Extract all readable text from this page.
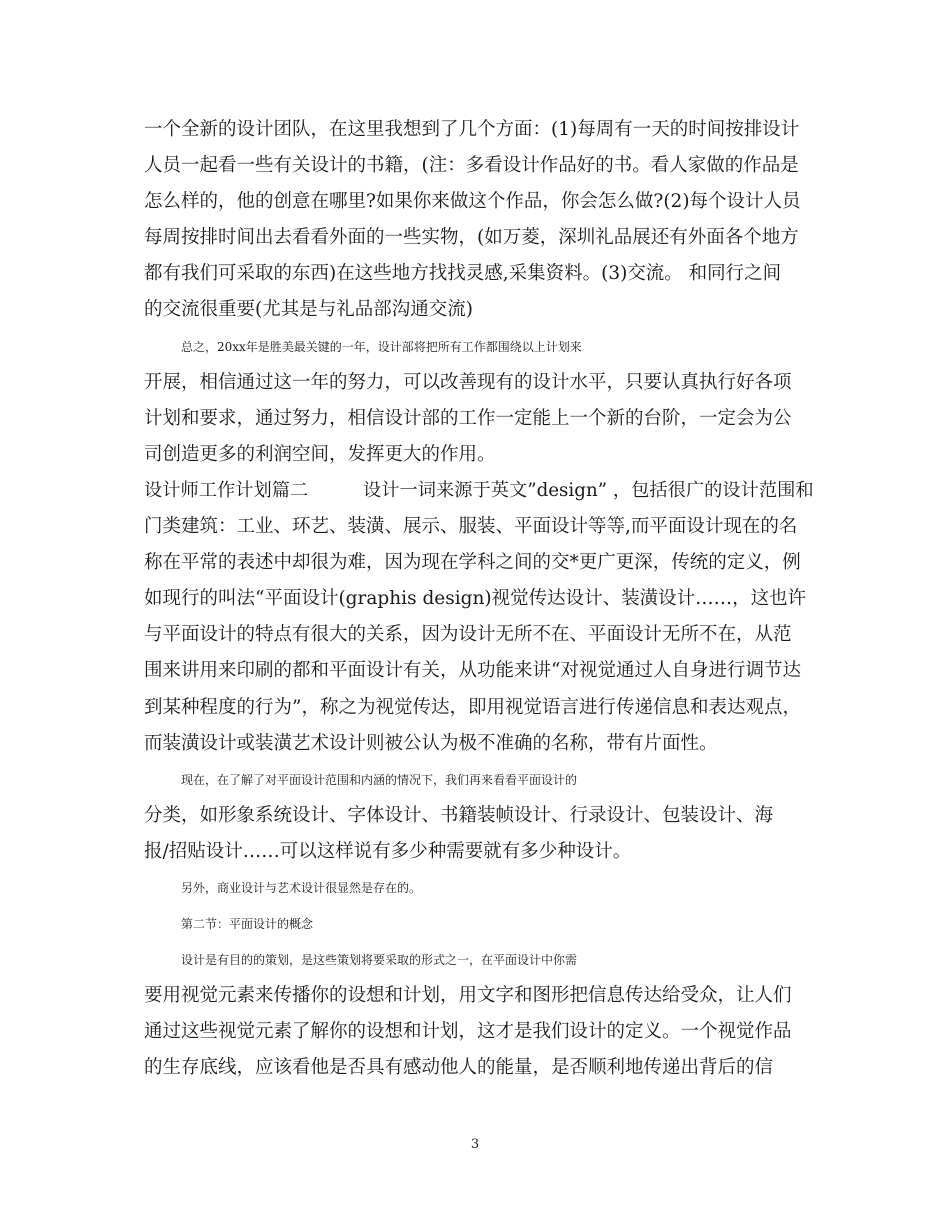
一个全新的设计团队，在这里我想到了几个方面：(1)每周有一天的时间按排设计
人员一起看一些有关设计的书籍，(注：多看设计作品好的书。看人家做的作品是
怎么样的，他的创意在哪里?如果你来做这个作品，你会怎么做?(2)每个设计人员
每周按排时间出去看看外面的一些实物，(如万菱，深圳礼品展还有外面各个地方
都有我们可采取的东西)在这些地方找找灵感,采集资料。(3)交流。 和同行之间
的交流很重要(尤其是与礼品部沟通交流)
总之，20xx年是胜美最关键的一年，设计部将把所有工作都围绕以上计划来
开展，相信通过这一年的努力，可以改善现有的设计水平，只要认真执行好各项
计划和要求，通过努力，相信设计部的工作一定能上一个新的台阶，一定会为公
司创造更多的利润空间，发挥更大的作用。
设计师工作计划篇二　　　设计一词来源于英文”design” ，包括很广的设计范围和
门类建筑：工业、环艺、装潢、展示、服装、平面设计等等,而平面设计现在的名
称在平常的表述中却很为难，因为现在学科之间的交*更广更深，传统的定义，例
如现行的叫法“平面设计(graphis design)视觉传达设计、装潢设计……，这也许
与平面设计的特点有很大的关系，因为设计无所不在、平面设计无所不在，从范
围来讲用来印刷的都和平面设计有关，从功能来讲“对视觉通过人自身进行调节达
到某种程度的行为”，称之为视觉传达，即用视觉语言进行传递信息和表达观点，
而装潢设计或装潢艺术设计则被公认为极不准确的名称，带有片面性。
现在，在了解了对平面设计范围和内涵的情况下，我们再来看看平面设计的
分类，如形象系统设计、字体设计、书籍装帧设计、行录设计、包装设计、海
报/招贴设计……可以这样说有多少种需要就有多少种设计。
另外，商业设计与艺术设计很显然是存在的。
第二节：平面设计的概念
设计是有目的的策划，是这些策划将要采取的形式之一，在平面设计中你需
要用视觉元素来传播你的设想和计划，用文字和图形把信息传达给受众，让人们
通过这些视觉元素了解你的设想和计划，这才是我们设计的定义。一个视觉作品
的生存底线，应该看他是否具有感动他人的能量，是否顺利地传递出背后的信
3
